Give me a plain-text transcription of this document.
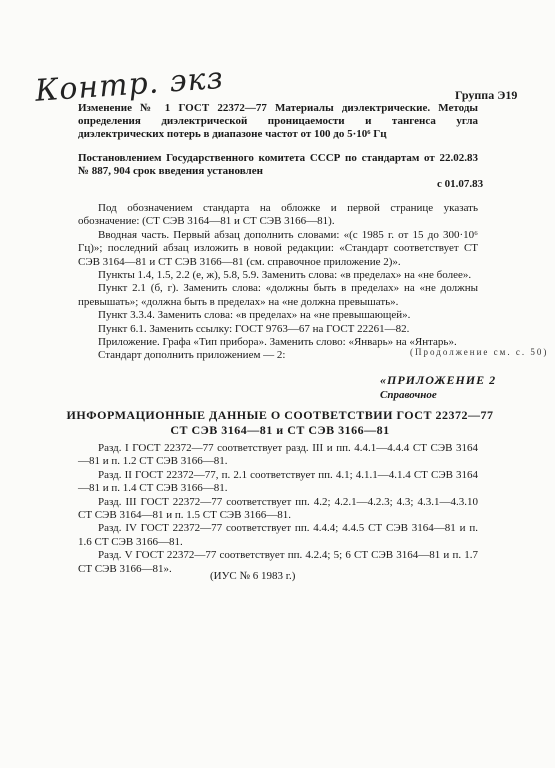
Контр. экз	Группа Э19
Изменение № 1 ГОСТ 22372—77 Материалы диэлектрические. Методы определения диэлектрической проницаемости и тангенса угла диэлектрических потерь в диапазоне частот от 100 до 5·10⁶ Гц
Постановлением Государственного комитета СССР по стандартам от 22.02.83 № 887, 904 срок введения установлен
с 01.07.83

Под обозначением стандарта на обложке и первой странице указать обозначение: (СТ СЭВ 3164—81 и СТ СЭВ 3166—81).

Вводная часть. Первый абзац дополнить словами: «(с 1985 г. от 15 до 300·10⁶ Гц)»; последний абзац изложить в новой редакции: «Стандарт соответствует СТ СЭВ 3164—81 и СТ СЭВ 3166—81 (см. справочное приложение 2)».

Пункты 1.4, 1.5, 2.2 (е, ж), 5.8, 5.9. Заменить слова: «в пределах» на «не более».

Пункт 2.1 (б, г). Заменить слова: «должны быть в пределах» на «не должны превышать»; «должна быть в пределах» на «не должна превышать».

Пункт 3.3.4. Заменить слова: «в пределах» на «не превышающей».

Пункт 6.1. Заменить ссылку: ГОСТ 9763—67 на ГОСТ 22261—82.

Приложение. Графа «Тип прибора». Заменить слово: «Январь» на «Янтарь».

Стандарт дополнить приложением — 2:	(Продолжение см. с. 50)
«ПРИЛОЖЕНИЕ 2
Справочное
ИНФОРМАЦИОННЫЕ ДАННЫЕ О СООТВЕТСТВИИ ГОСТ 22372—77 СТ СЭВ 3164—81 и СТ СЭВ 3166—81

Разд. I ГОСТ 22372—77 соответствует разд. III и пп. 4.4.1—4.4.4 СТ СЭВ 3164—81 и п. 1.2 СТ СЭВ 3166—81.

Разд. II ГОСТ 22372—77, п. 2.1 соответствует пп. 4.1; 4.1.1—4.1.4 СТ СЭВ 3164—81 и п. 1.4 СТ СЭВ 3166—81.

Разд. III ГОСТ 22372—77 соответствует пп. 4.2; 4.2.1—4.2.3; 4.3; 4.3.1—4.3.10 СТ СЭВ 3164—81 и п. 1.5 СТ СЭВ 3166—81.

Разд. IV ГОСТ 22372—77 соответствует пп. 4.4.4; 4.4.5 СТ СЭВ 3164—81 и п. 1.6 СТ СЭВ 3166—81.

Разд. V ГОСТ 22372—77 соответствует пп. 4.2.4; 5; 6 СТ СЭВ 3164—81 и п. 1.7 СТ СЭВ 3166—81».

(ИУС № 6 1983 г.)
